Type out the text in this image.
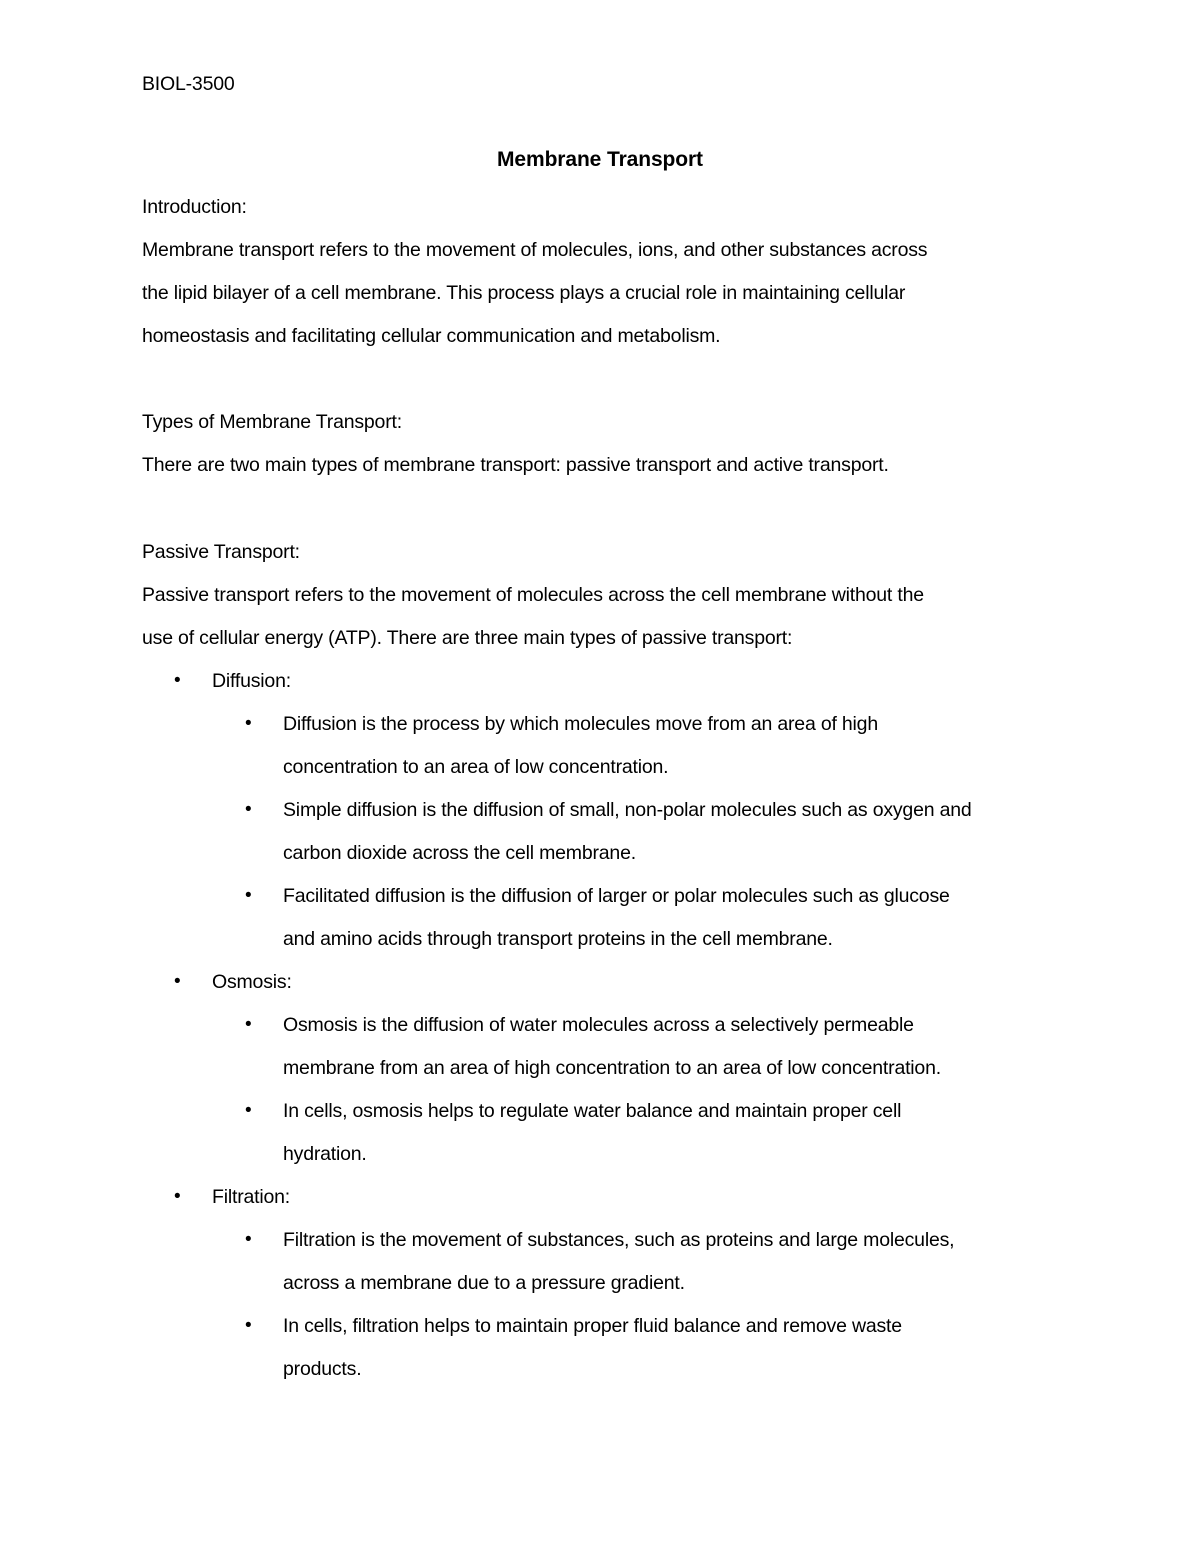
BIOL-3500
Membrane Transport
Introduction:
Membrane transport refers to the movement of molecules, ions, and other substances across
the lipid bilayer of a cell membrane. This process plays a crucial role in maintaining cellular
homeostasis and facilitating cellular communication and metabolism.
Types of Membrane Transport:
There are two main types of membrane transport: passive transport and active transport.
Passive Transport:
Passive transport refers to the movement of molecules across the cell membrane without the
use of cellular energy (ATP). There are three main types of passive transport:
• Diffusion:
• Diffusion is the process by which molecules move from an area of high
concentration to an area of low concentration.
• Simple diffusion is the diffusion of small, non-polar molecules such as oxygen and
carbon dioxide across the cell membrane.
• Facilitated diffusion is the diffusion of larger or polar molecules such as glucose
and amino acids through transport proteins in the cell membrane.
• Osmosis:
• Osmosis is the diffusion of water molecules across a selectively permeable
membrane from an area of high concentration to an area of low concentration.
• In cells, osmosis helps to regulate water balance and maintain proper cell
hydration.
• Filtration:
• Filtration is the movement of substances, such as proteins and large molecules,
across a membrane due to a pressure gradient.
• In cells, filtration helps to maintain proper fluid balance and remove waste
products.
